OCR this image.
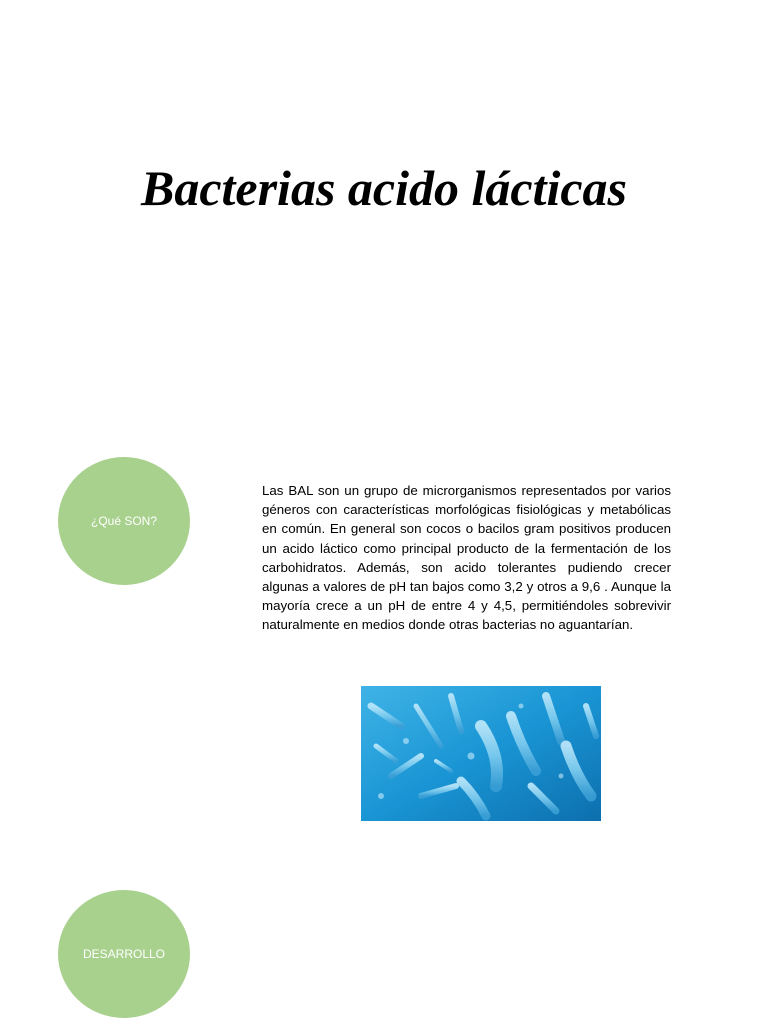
Bacterias acido lácticas
¿Qué SON?

Las BAL son un grupo de microrganismos representados por varios géneros con características morfológicas fisiológicas y metabólicas en común. En general son cocos o bacilos gram positivos producen un acido láctico como principal producto de la fermentación de los carbohidratos. Además, son acido tolerantes pudiendo crecer algunas a valores de pH tan bajos como 3,2 y otros a 9,6 . Aunque la mayoría crece a un pH de entre 4 y 4,5, permitiéndoles sobrevivir naturalmente en medios donde otras bacterias no aguantarían.

DESARROLLO
